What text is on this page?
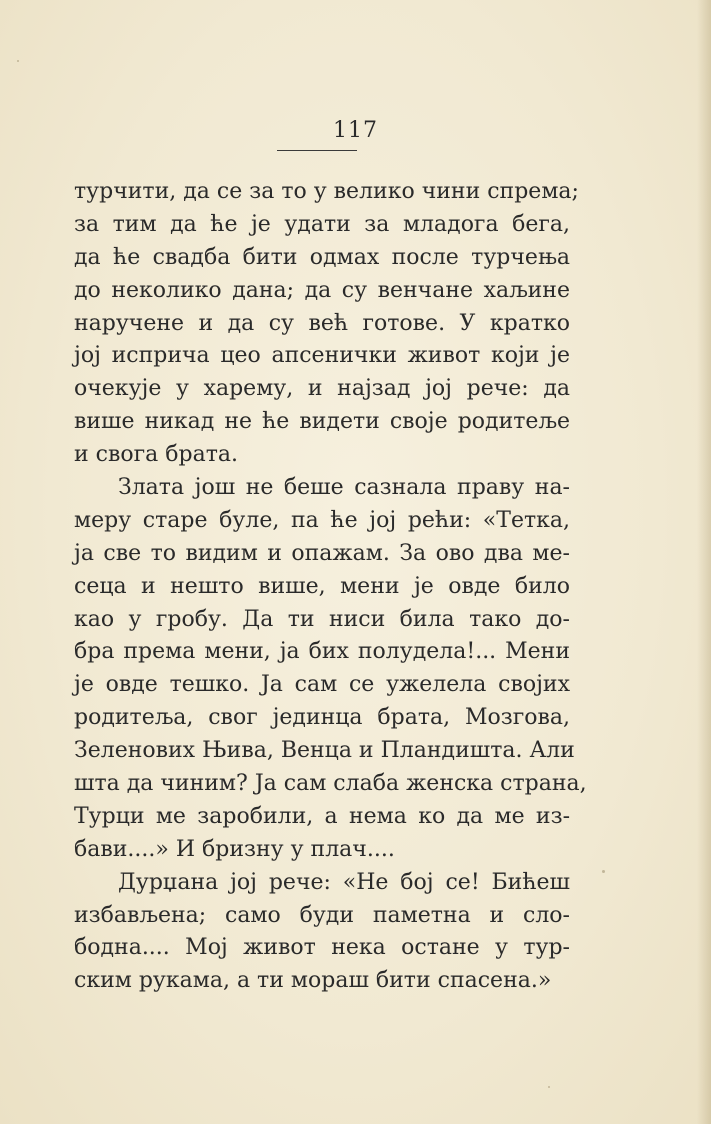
117
турчити, да се за то у велико чини спрема;
за тим да ће је удати за младога бега,
да ће свадба бити одмах после турчења
до неколико дана; да су венчане хаљине
наручене и да су већ готове. У кратко
јој исприча цео апсенички живот који је
очекује у харему, и најзад јој рече: да
више никад не ће видети своје родитеље
и свога брата.
Злата још не беше сазнала праву на-
меру старе буле, па ће јој рећи: «Тетка,
ја све то видим и опажам. За ово два ме-
сеца и нешто више, мени је овде било
као у гробу. Да ти ниси била тако до-
бра према мени, ја бих полудела!... Мени
је овде тешко. Ја сам се ужелела својих
родитеља, свог јединца брата, Мозгова,
Зеленових Њива, Венца и Пландишта. Али
шта да чиним? Ја сам слаба женска страна,
Турци ме заробили, а нема ко да ме из-
бави....» И бризну у плач....
Дурџана јој рече: «Не бој се! Бићеш
избављена; само буди паметна и сло-
бодна.... Мој живот нека остане у тур-
ским рукама, а ти мораш бити спасена.»
